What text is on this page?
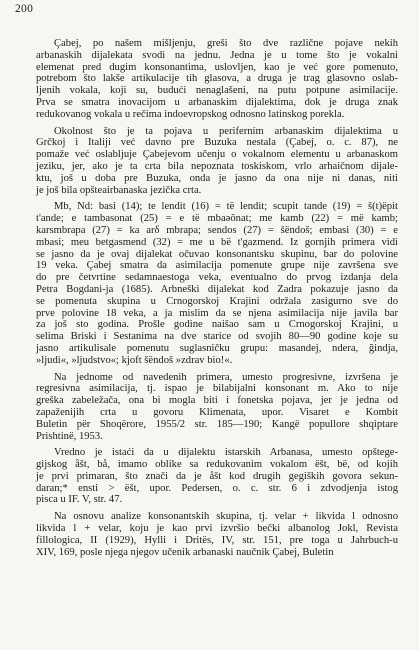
200
Çabej, po našem mišljenju, greši što dve različne pojave nekih
arbanaskih dijalekata svodi na jednu. Jedna je u tome što je vokalni
elemenat pred dugim konsonantima, uslovljen, kao je već gore pomenuto,
potrebom što lakše artikulacije tih glasova, a druga je trag glasovno oslab-
ljenih vokala, koji su, budući nenaglašeni, na putu potpune asimilacije.
Prva se smatra inovacijom u arbanaskim dijalektima, dok je druga znak
redukovanog vokala u rečima indoevropskog odnosno latinskog porekla.
Okolnost što je ta pojava u periferním arbanaskim dijalektima u
Grčkoj i Italiji već davno pre Buzuka nestala (Çabej, o. c. 87), ne
pomaže već oslabljuje Çabejevom učenju o vokalnom elementu u arbanaskom
jeziku, jer, ako je ta crta bila nepoznata toskiskom, vrlo arhaičnom dijale-
ktu, još u doba pre Buzuka, onda je jasno da ona nije ni danas, niti
je još bila opšteairbanaska jezička crta.
Mb, Nd: basi (14); te lendit (16) = të lendit; scupit tande (19) = š(t)ëpit
t'ande; e tambasonat (25) = e të mbaəŏnat; me kamb (22) = më kamb;
karsmbrapa (27) = ka arδ mbrapa; sendos (27) = šëndoš; embasi (30) = e
mbasi; meu betgasmend (32) = me u bë t'gazmend. Iz gornjih primera vidi
se jasno da je ovaj dijalekat očuvao konsonantsku skupinu, bar do polovine
19 veka. Çabej smatra da asimilacija pomenute grupe nije završena sve
do pre četvrtine sedamnaestoga veka, eventualno do prvog izdanja dela
Petra Bogdani-ja (1685). Arbneški dijalekat kod Zadra pokazuje jasno da
se pomenuta skupina u Crnogorskoj Krajini održala zasigurno sve do
prve polovine 18 veka, a ja mislim da se njena asimilacija nije javila bar
za još sto godina. Prošle godine naišao sam u Crnogorskoj Krajini, u
selima Briski i Sestanima na dve starice od svojih 80—90 godine koje su
jasno artikulisale pomenutu suglasničku grupu: masandej, ndera, ğindja,
»ljudi«, »ljudstvo«; kjoft šëndoš »zdrav bio!«.
Na jednome od navedenih primera, umesto progresivne, izvršena je
regresivna asimilacija, tj. ispao je bilabijalni konsonant m. Ako to nije
greška zabeležača, ona bi mogla biti i fonetska pojava, jer je jedna od
zapaženijih crta u govoru Klimenata, upor. Visaret e Kombit
Buletin për Shoqërore, 1955/2 str. 185—190; Kangë popullore shqiptare
Prishtinë, 1953.
Vredno je istaći da u dijalektu istarskih Arbanasa, umesto opštege-
gijskog åšt, bå, imamo oblike sa redukovanim vokalom ëšt, bë, od kojih
je prvi primaran, što znači da je åšt kod drugih gegiških govora sekun-
daran;* ensti > ëšt, upor. Pedersen, o. c. str. 6 i zdvodjenja istog
pisca u IF. V, str. 47.
Na osnovu analize konsonantskih skupina, tj. velar + likvida l odnosno
likvida l + velar, koju je kao prvi izvršio bečki albanolog Jokl, Revista
fillologica, II (1929), Hylli i Dritës, IV, str. 151, pre toga u Jahrbuch-u
XIV, 169, posle njega njegov učenik arbanaski naučnik Çabej, Buletin
